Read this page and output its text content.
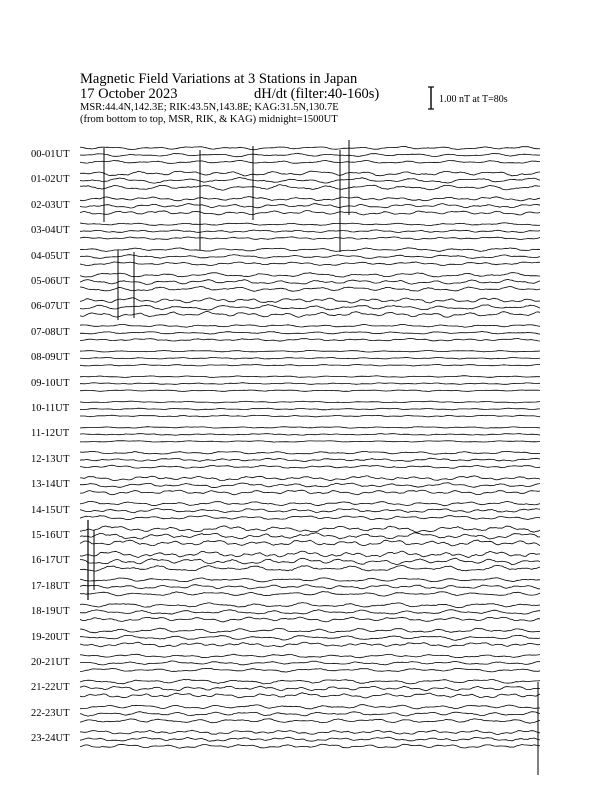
Magnetic Field Variations at 3 Stations in Japan
17 October 2023	dH/dt (filter:40-160s)
MSR:44.4N,142.3E; RIK:43.5N,143.8E; KAG:31.5N,130.7E
(from bottom to top, MSR, RIK, & KAG) midnight=1500UT
1.00 nT at T=80s
00-01UT
01-02UT
02-03UT
03-04UT
04-05UT
05-06UT
06-07UT
07-08UT
08-09UT
09-10UT
10-11UT
11-12UT
12-13UT
13-14UT
14-15UT
15-16UT
16-17UT
17-18UT
18-19UT
19-20UT
20-21UT
21-22UT
22-23UT
23-24UT
